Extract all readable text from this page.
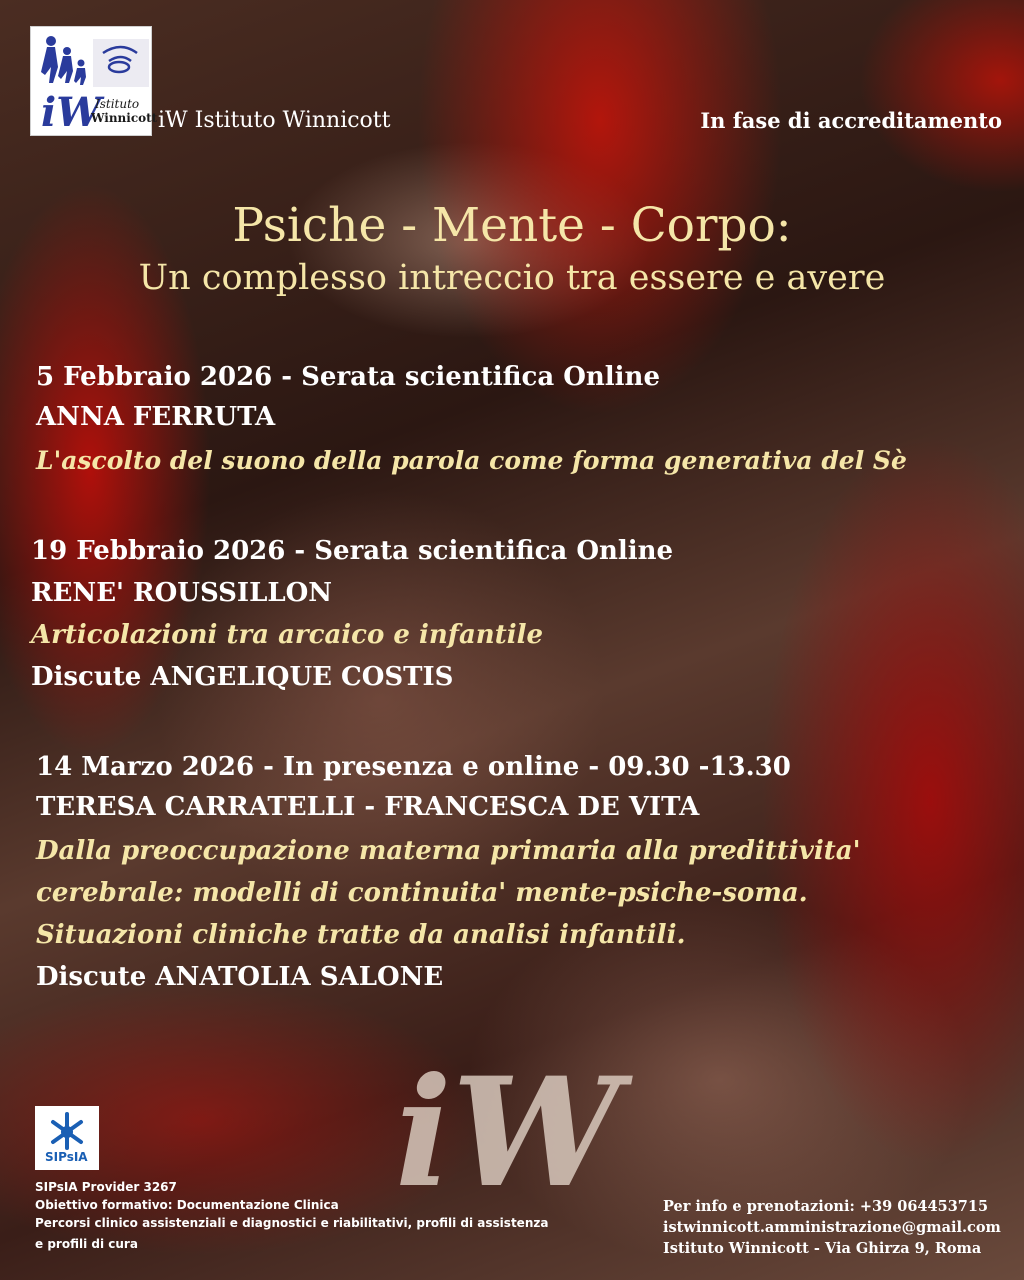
iW
Istituto
Winnicott iW Istituto Winnicott	In fase di accreditamento
Psiche - Mente - Corpo:
Un complesso intreccio tra essere e avere
5 Febbraio 2026 - Serata scientifica Online
ANNA FERRUTA
L'ascolto del suono della parola come forma generativa del Sè
19 Febbraio 2026 - Serata scientifica Online
RENE' ROUSSILLON
Articolazioni tra arcaico e infantile
Discute ANGELIQUE COSTIS
14 Marzo 2026 - In presenza e online - 09.30 -13.30
TERESA CARRATELLI - FRANCESCA DE VITA
Dalla preoccupazione materna primaria alla predittivita'
cerebrale: modelli di continuita' mente-psiche-soma.
Situazioni cliniche tratte da analisi infantili.
Discute ANATOLIA SALONE
SIPsIA
SIPsIA Provider 3267
Obiettivo formativo: Documentazione Clinica
Percorsi clinico assistenziali e diagnostici e riabilitativi, profili di assistenza
e profili di cura
iW	Per info e prenotazioni: +39 064453715
istwinnicott.amministrazione@gmail.com
Istituto Winnicott - Via Ghirza 9, Roma
